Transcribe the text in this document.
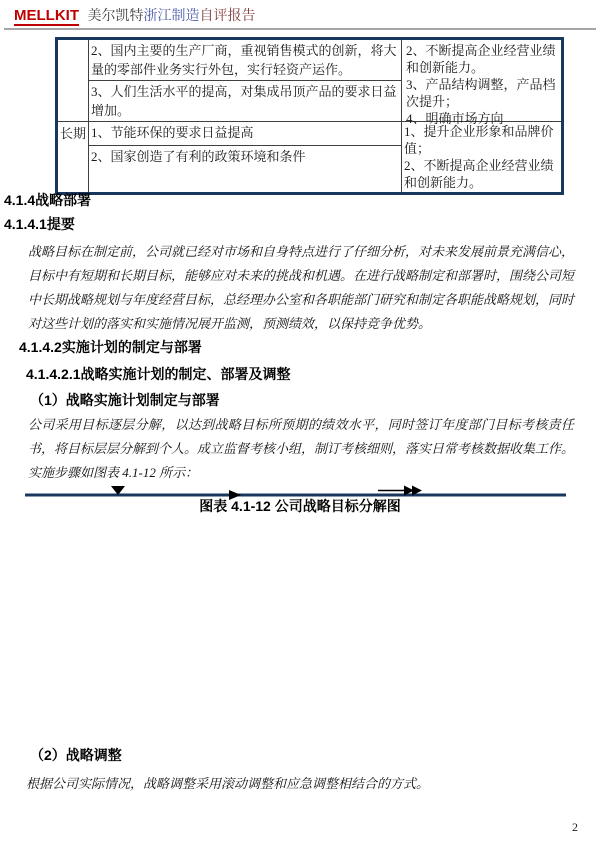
MELLKIT 美尔凯特浙江制造自评报告
	2、国内主要的生产厂商，重视销售模式的创新，将大量的零部件业务实行外包，实行轻资产运作。	2、不断提高企业经营业绩和创新能力。
3、产品结构调整，产品档次提升；
4、明确市场方向

	3、人们生活水平的提高，对集成吊顶产品的要求日益增加。	
长期	1、节能环保的要求日益提高	1、提升企业形象和品牌价值；
2、不断提高企业经营业绩和创新能力。

	2、国家创造了有利的政策环境和条件	
4.1.4战略部署
4.1.4.1提要
战略目标在制定前，公司就已经对市场和自身特点进行了仔细分析，对未来发展前景充满信心，目标中有短期和长期目标，能够应对未来的挑战和机遇。在进行战略制定和部署时，围绕公司短中长期战略规划与年度经营目标，总经理办公室和各职能部门研究和制定各职能战略规划，同时对这些计划的落实和实施情况展开监测，预测绩效，以保持竞争优势。
4.1.4.2实施计划的制定与部署
4.1.4.2.1战略实施计划的制定、部署及调整
（1）战略实施计划制定与部署
公司采用目标逐层分解，以达到战略目标所预期的绩效水平，同时签订年度部门目标考核责任书，将目标层层分解到个人。成立监督考核小组，制订考核细则，落实日常考核数据收集工作。实施步骤如图表 4.1-12 所示：
图表 4.1-12 公司战略目标分解图
（2）战略调整
根据公司实际情况，战略调整采用滚动调整和应急调整相结合的方式。
2
